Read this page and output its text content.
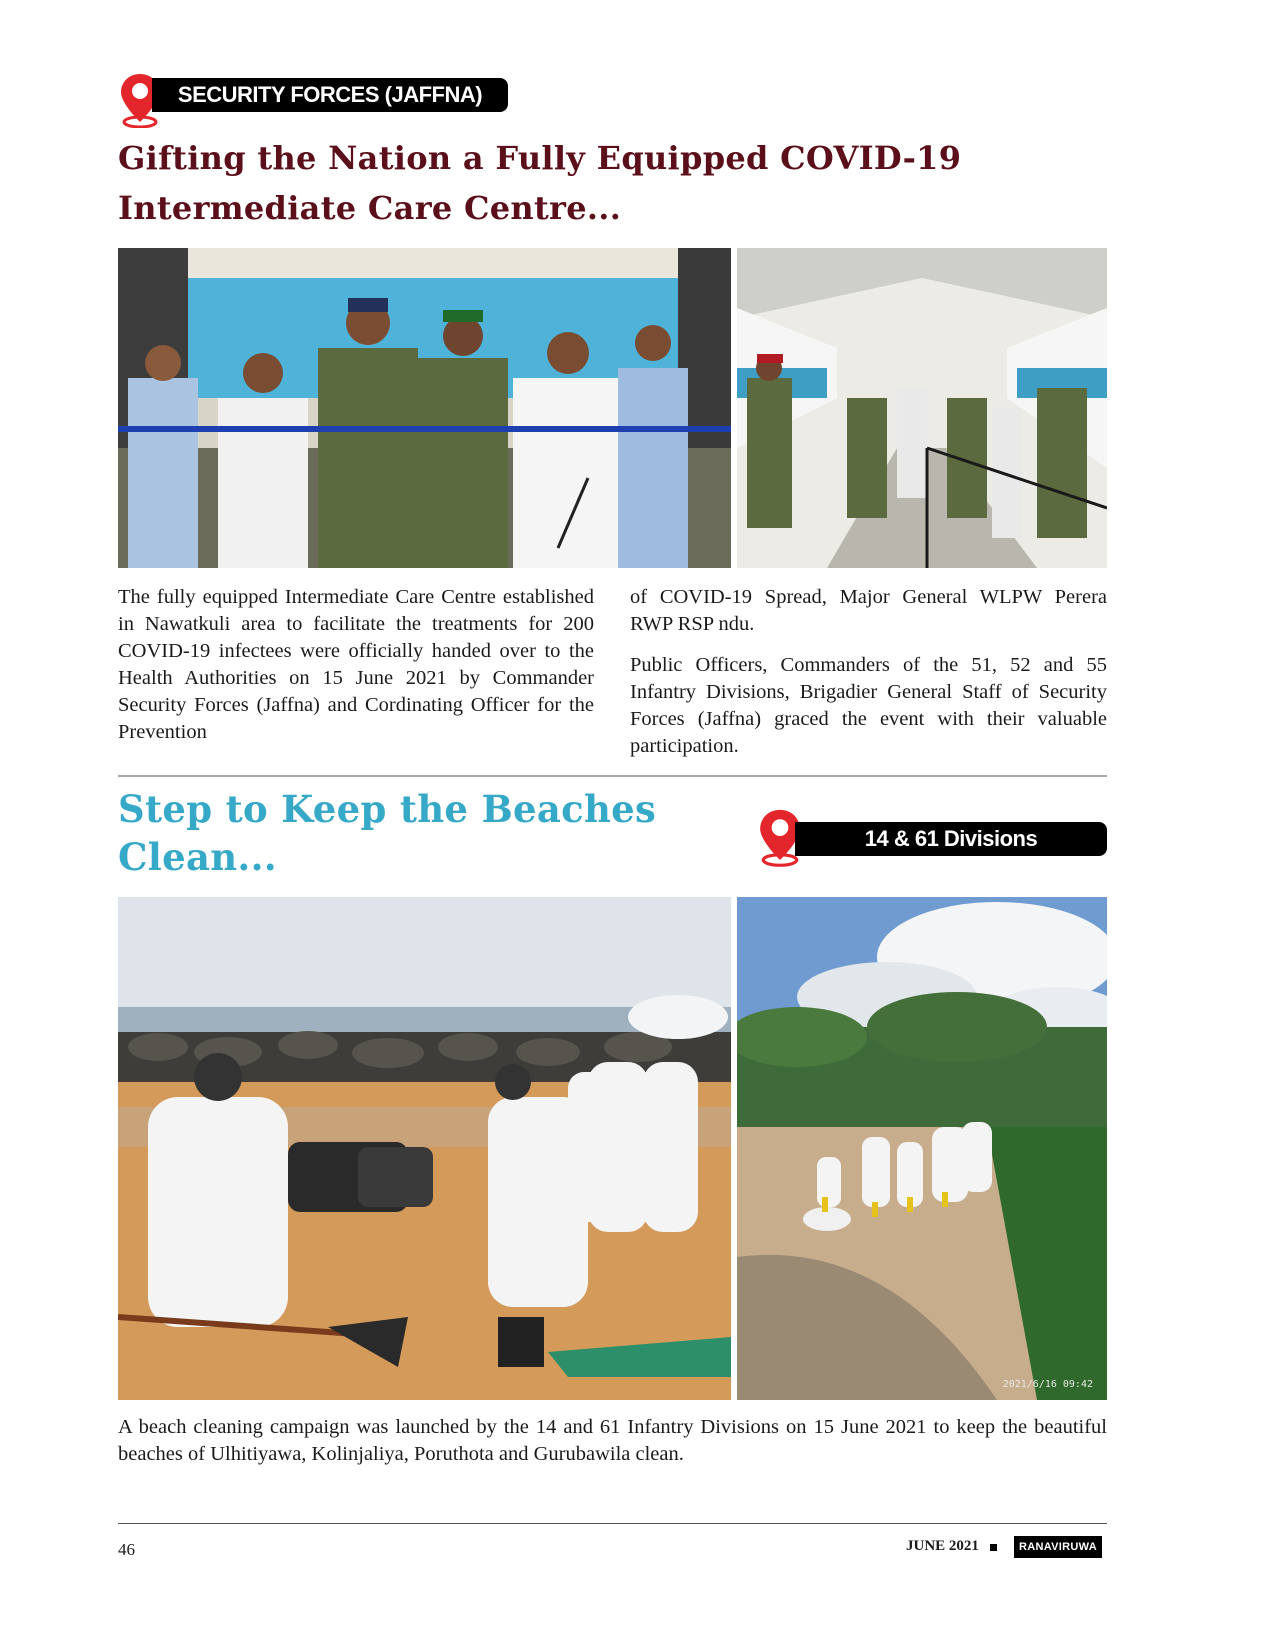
SECURITY FORCES (JAFFNA)
Gifting the Nation a Fully Equipped COVID-19 Intermediate Care Centre...

The fully equipped Intermediate Care Centre established in Nawatkuli area to facilitate the treatments for 200 COVID-19 infectees were officially handed over to the Health Authorities on 15 June 2021 by Commander Security Forces (Jaffna) and Cordinating Officer for the Prevention

of COVID-19 Spread, Major General WLPW Perera RWP RSP ndu.

Public Officers, Commanders of the 51, 52 and 55 Infantry Divisions, Brigadier General Staff of Security Forces (Jaffna) graced the event with their valuable participation.

Step to Keep the Beaches Clean...	14 & 61 Divisions
2021/6/16 09:42
A beach cleaning campaign was launched by the 14 and 61 Infantry Divisions on 15 June 2021 to keep the beautiful beaches of Ulhitiyawa, Kolinjaliya, Poruthota and Gurubawila clean.
46	JUNE 2021	RANAVIRUWA
